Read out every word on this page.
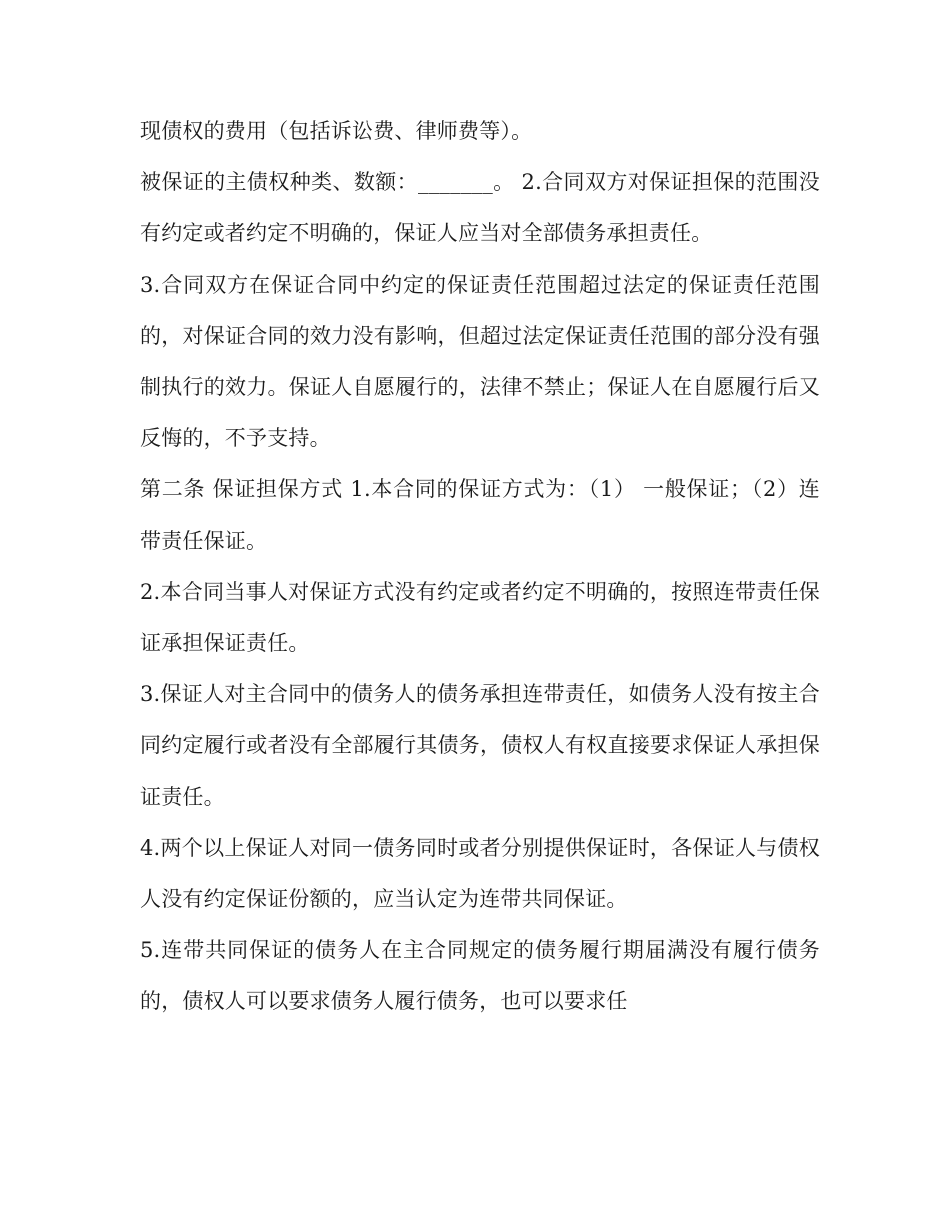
现债权的费用（包括诉讼费、律师费等）。

被保证的主债权种类、数额：_______。 2.合同双方对保证担保的范围没有约定或者约定不明确的，保证人应当对全部债务承担责任。

3.合同双方在保证合同中约定的保证责任范围超过法定的保证责任范围的，对保证合同的效力没有影响，但超过法定保证责任范围的部分没有强制执行的效力。保证人自愿履行的，法律不禁止；保证人在自愿履行后又反悔的，不予支持。

第二条 保证担保方式 1.本合同的保证方式为：（1） 一般保证；（2）连带责任保证。

2.本合同当事人对保证方式没有约定或者约定不明确的，按照连带责任保证承担保证责任。

3.保证人对主合同中的债务人的债务承担连带责任，如债务人没有按主合同约定履行或者没有全部履行其债务，债权人有权直接要求保证人承担保证责任。

4.两个以上保证人对同一债务同时或者分别提供保证时，各保证人与债权人没有约定保证份额的，应当认定为连带共同保证。

5.连带共同保证的债务人在主合同规定的债务履行期届满没有履行债务的，债权人可以要求债务人履行债务，也可以要求任
